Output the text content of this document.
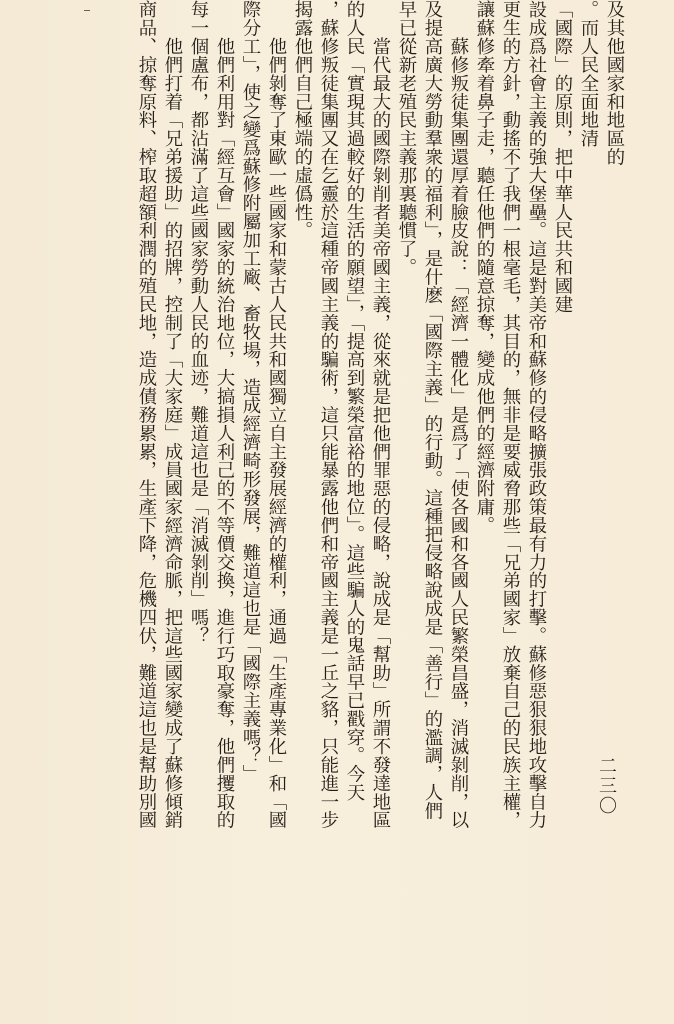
二三〇
及其他國家和地區的
。而人民全面地清
「國際」的原則，把中華人民共和國建
設成爲社會主義的強大堡壘。這是對美帝和蘇修的侵略擴張政策最有力的打擊。蘇修惡狠狠地攻擊自力
更生的方針，動搖不了我們一根毫毛，其目的，無非是要威脅那些「兄弟國家」放棄自己的民族主權，
讓蘇修牽着鼻子走，聽任他們的隨意掠奪，變成他們的經濟附庸。
　　蘇修叛徒集團還厚着臉皮說：「經濟一體化」是爲了「使各國和各國人民繁榮昌盛，消滅剝削，以
及提高廣大勞動羣衆的福利」，是什麽「國際主義」的行動。這種把侵略說成是「善行」的濫調，人們
早已從新老殖民主義那裏聽慣了。
　　當代最大的國際剝削者美帝國主義，從來就是把他們罪惡的侵略，說成是「幫助」所謂不發達地區
的人民「實現其過較好的生活的願望」，「提高到繁榮富裕的地位」。這些騙人的鬼話早已戳穿。今天
，蘇修叛徒集團又在乞靈於這種帝國主義的騙術，這只能暴露他們和帝國主義是一丘之貉，只能進一步
揭露他們自己極端的虛僞性。
　　他們剝奪了東歐一些國家和蒙古人民共和國獨立自主發展經濟的權利，通過「生產專業化」和「國
際分工」，使之變爲蘇修附屬加工廠、畜牧場，造成經濟畸形發展，難道這也是「國際主義嗎？」
　　他們利用對「經互會」國家的統治地位，大搞損人利己的不等價交換，進行巧取豪奪，他們攫取的
每一個盧布，都沾滿了這些國家勞動人民的血迹，難道這也是「消滅剝削」嗎？
　　他們打着「兄弟援助」的招牌，控制了「大家庭」成員國家經濟命脈，把這些國家變成了蘇修傾銷
商品、掠奪原料、榨取超額利潤的殖民地，造成債務累累，生產下降，危機四伏，難道這也是幫助別國
